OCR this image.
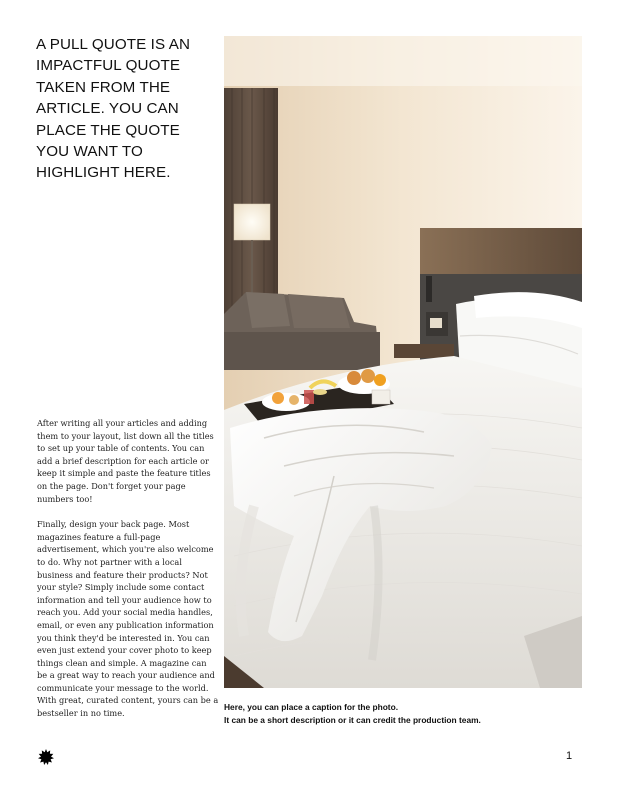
A PULL QUOTE IS AN IMPACTFUL QUOTE TAKEN FROM THE ARTICLE. YOU CAN PLACE THE QUOTE YOU WANT TO HIGHLIGHT HERE.

After writing all your articles and adding them to your layout, list down all the titles to set up your table of contents. You can add a brief description for each article or keep it simple and paste the feature titles on the page. Don't forget your page numbers too!

Finally, design your back page. Most magazines feature a full-page advertisement, which you're also welcome to do. Why not partner with a local business and feature their products? Not your style? Simply include some contact information and tell your audience how to reach you. Add your social media handles, email, or even any publication information you think they'd be interested in. You can even just extend your cover photo to keep things clean and simple. A magazine can be a great way to reach your audience and communicate your message to the world. With great, curated content, yours can be a bestseller in no time.

Here, you can place a caption for the photo.
It can be a short description or it can credit the production team.
1
